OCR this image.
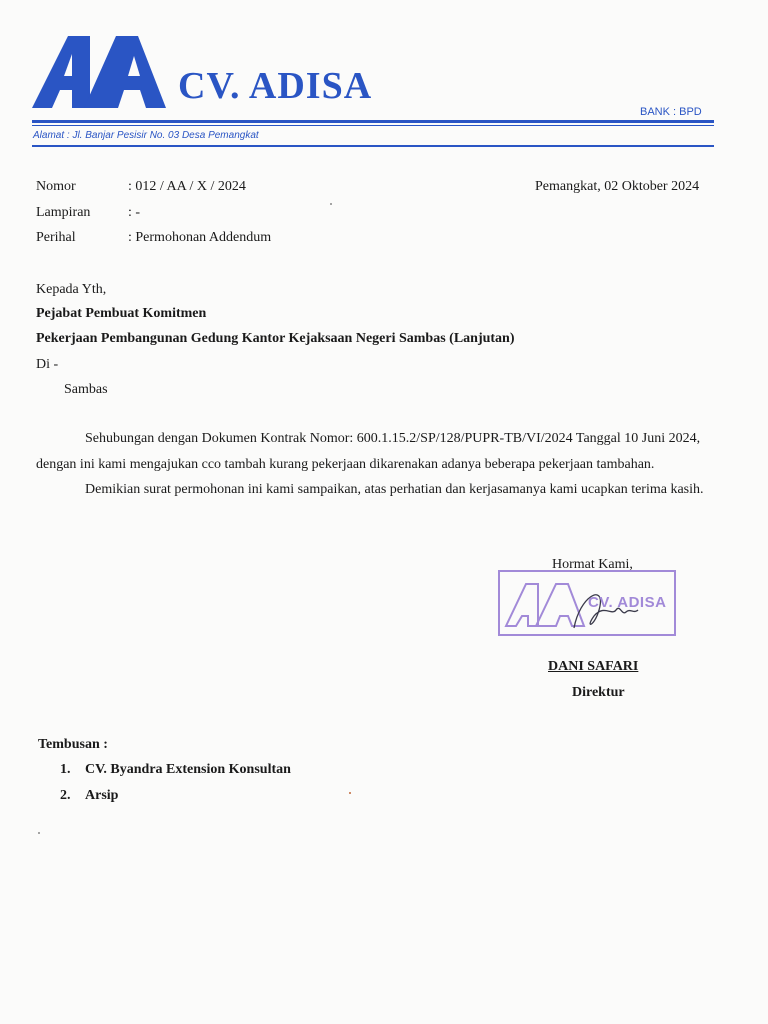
CV. ADISA
BANK : BPD
Alamat : Jl. Banjar Pesisir No. 03 Desa Pemangkat
Nomor	: 012 / AA / X / 2024
Lampiran	: -
Perihal	: Permohonan Addendum
Pemangkat, 02 Oktober 2024
Kepada Yth,
Pejabat Pembuat Komitmen
Pekerjaan Pembangunan Gedung Kantor Kejaksaan Negeri Sambas (Lanjutan)
Di -
Sambas
Sehubungan dengan Dokumen Kontrak Nomor: 600.1.15.2/SP/128/PUPR-TB/VI/2024 Tanggal 10 Juni 2024,
dengan ini kami mengajukan cco tambah kurang pekerjaan dikarenakan adanya beberapa pekerjaan tambahan.
Demikian surat permohonan ini kami sampaikan, atas perhatian dan kerjasamanya kami ucapkan terima kasih.
Hormat Kami,
CV. ADISA
DANI SAFARI
Direktur
Tembusan :
1. CV. Byandra Extension Konsultan
2. Arsip
